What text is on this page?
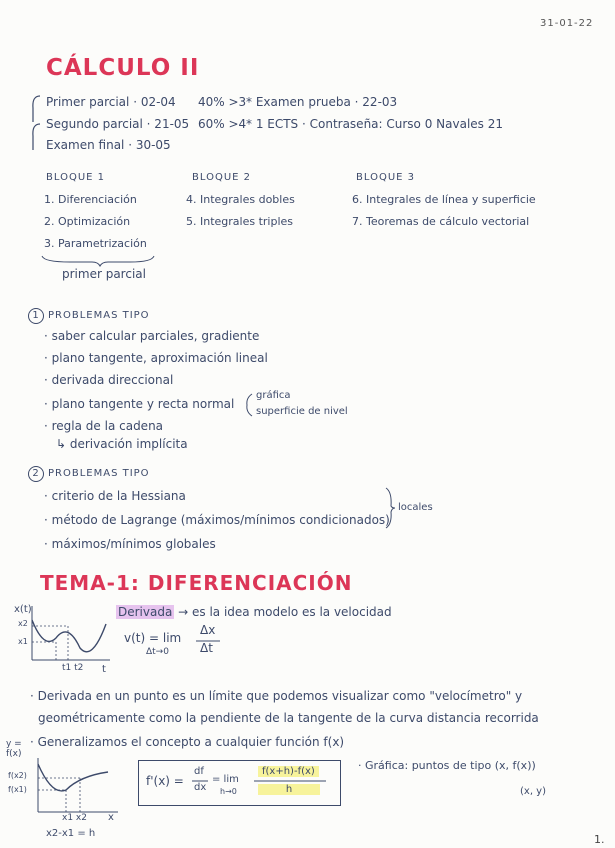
31-01-22
CÁLCULO II
Primer parcial · 02-04 40% >3 * Examen prueba · 22-03
Segundo parcial · 21-05 60% >4 * 1 ECTS · Contraseña: Curso 0 Navales 21
Examen final · 30-05
BLOQUE 1
1. Diferenciación
2. Optimización
3. Parametrización
BLOQUE 2
4. Integrales dobles
5. Integrales triples
BLOQUE 3
6. Integrales de línea y superficie
7. Teoremas de cálculo vectorial
primer parcial
1 PROBLEMAS TIPO
· saber calcular parciales, gradiente
· plano tangente, aproximación lineal
· derivada direccional
· plano tangente y recta normal
· regla de la cadena
↳ derivación implícita
gráfica
superficie de nivel
2 PROBLEMAS TIPO
· criterio de la Hessiana
· método de Lagrange (máximos/mínimos condicionados)
· máximos/mínimos globales
locales
TEMA-1: DIFERENCIACIÓN
x(t)
x2
x1
t1 t2 t
Derivada → es la idea modelo es la velocidad
v(t) = lim
Δt→0
Δx
Δt
· Derivada en un punto es un límite que podemos visualizar como "velocímetro" y
geométricamente como la pendiente de la tangente de la curva distancia recorrida
· Generalizamos el concepto a cualquier función f(x)
y = f(x)
f(x2)
f(x1)
x1 x2 x
x2-x1 = h
f'(x) =
df
dx
= lim
h→0
f(x+h)-f(x)
h
· Gráfica: puntos de tipo (x, f(x))
(x, y)
1.
